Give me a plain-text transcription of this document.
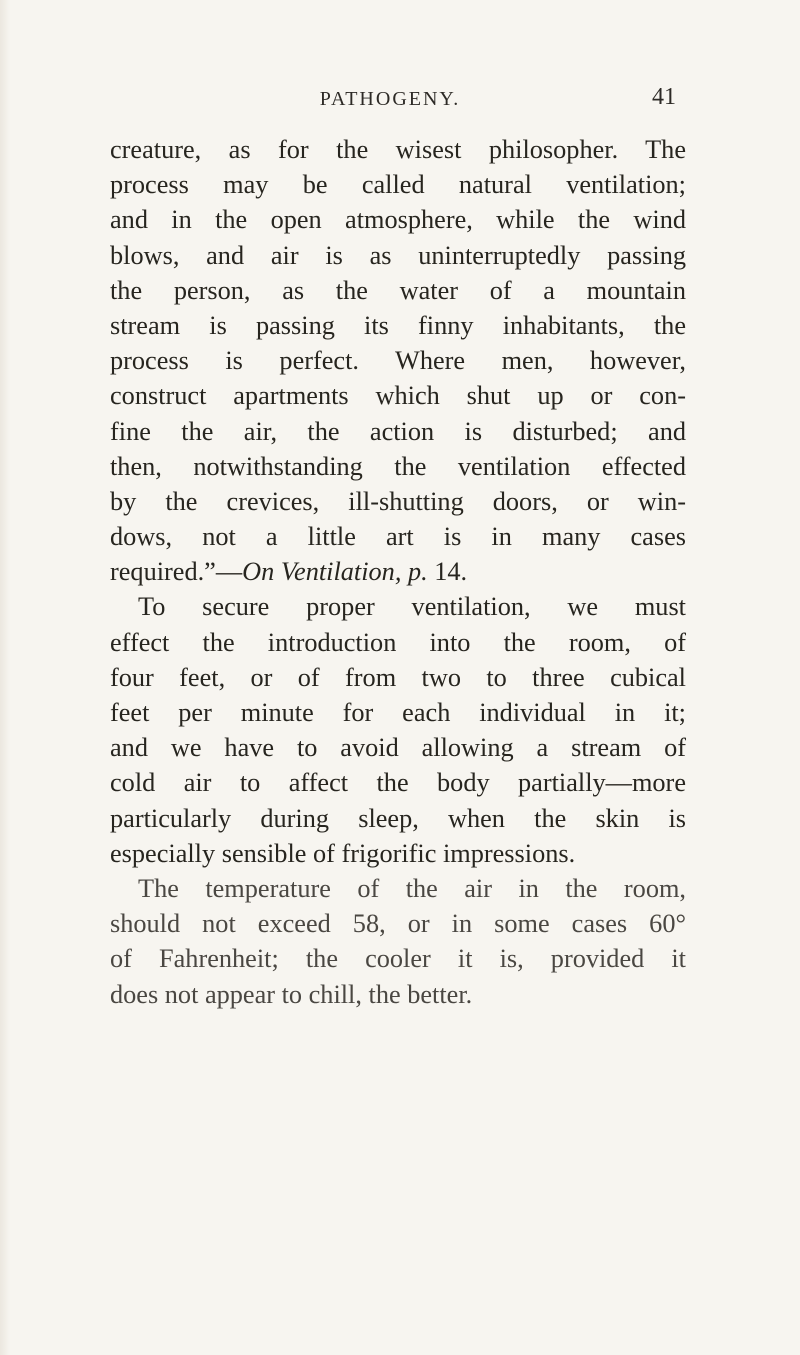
PATHOGENY.	41
creature, as for the wisest philosopher. The
process may be called natural ventilation;
and in the open atmosphere, while the wind
blows, and air is as uninterruptedly passing
the person, as the water of a mountain
stream is passing its finny inhabitants, the
process is perfect. Where men, however,
construct apartments which shut up or con-
fine the air, the action is disturbed; and
then, notwithstanding the ventilation effected
by the crevices, ill-shutting doors, or win-
dows, not a little art is in many cases
required.”—On Ventilation, p. 14.
To secure proper ventilation, we must
effect the introduction into the room, of
four feet, or of from two to three cubical
feet per minute for each individual in it;
and we have to avoid allowing a stream of
cold air to affect the body partially—more
particularly during sleep, when the skin is
especially sensible of frigorific impressions.
The temperature of the air in the room,
should not exceed 58, or in some cases 60°
of Fahrenheit; the cooler it is, provided it
does not appear to chill, the better.
